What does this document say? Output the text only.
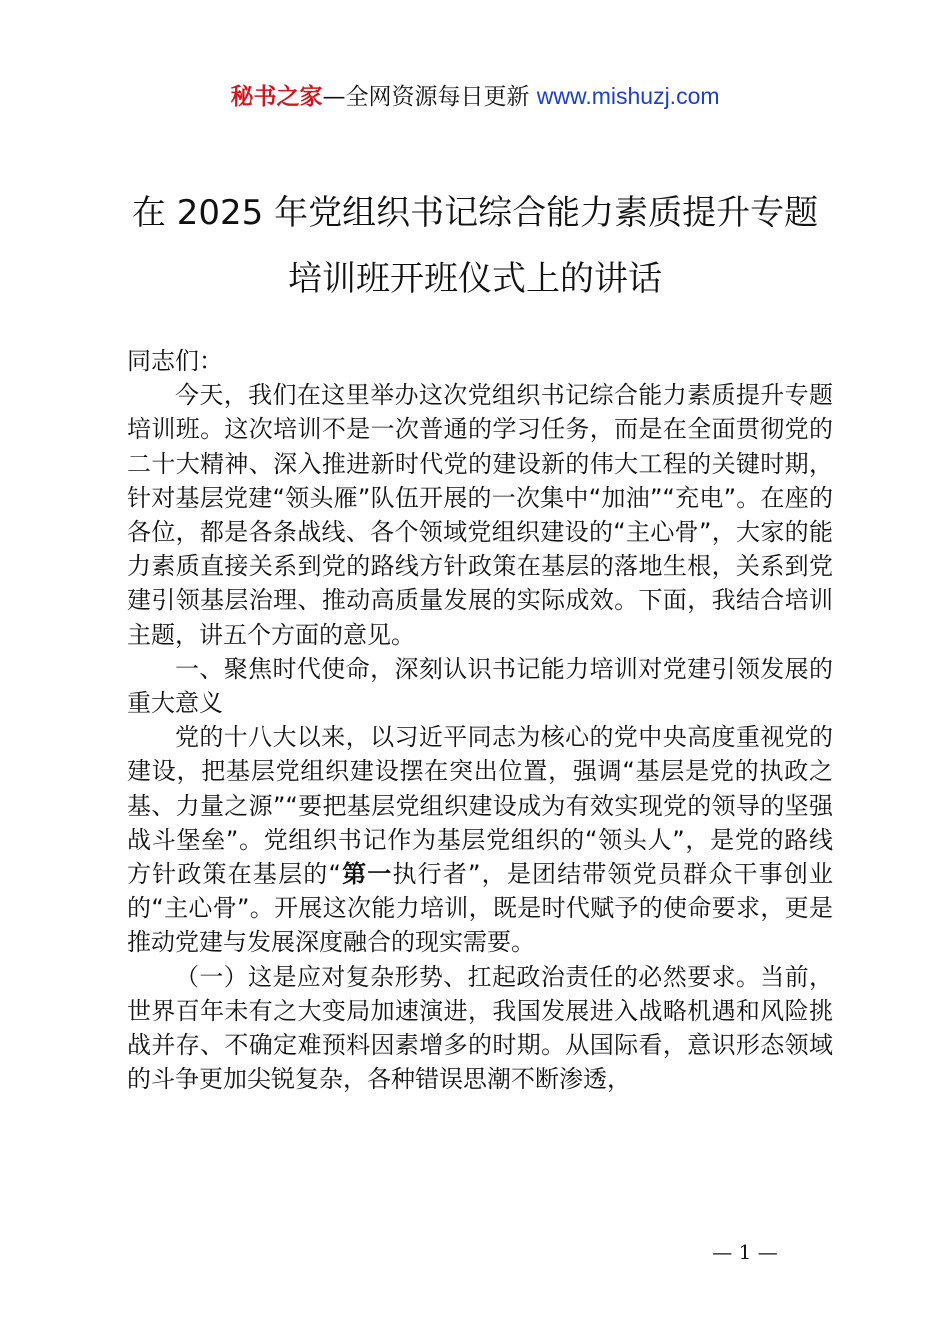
秘书之家—全网资源每日更新 www.mishuzj.com
在 2025 年党组织书记综合能力素质提升专题
培训班开班仪式上的讲话

同志们：

今天，我们在这里举办这次党组织书记综合能力素质提升专题培训班。这次培训不是一次普通的学习任务，而是在全面贯彻党的二十大精神、深入推进新时代党的建设新的伟大工程的关键时期，针对基层党建“领头雁”队伍开展的一次集中“加油”“充电”。在座的各位，都是各条战线、各个领域党组织建设的“主心骨”，大家的能力素质直接关系到党的路线方针政策在基层的落地生根，关系到党建引领基层治理、推动高质量发展的实际成效。下面，我结合培训主题，讲五个方面的意见。

一、聚焦时代使命，深刻认识书记能力培训对党建引领发展的重大意义

党的十八大以来，以习近平同志为核心的党中央高度重视党的建设，把基层党组织建设摆在突出位置，强调“基层是党的执政之基、力量之源”“要把基层党组织建设成为有效实现党的领导的坚强战斗堡垒”。党组织书记作为基层党组织的“领头人”，是党的路线方针政策在基层的“第一执行者”，是团结带领党员群众干事创业的“主心骨”。开展这次能力培训，既是时代赋予的使命要求，更是推动党建与发展深度融合的现实需要。

（一）这是应对复杂形势、扛起政治责任的必然要求。当前，世界百年未有之大变局加速演进，我国发展进入战略机遇和风险挑战并存、不确定难预料因素增多的时期。从国际看，意识形态领域的斗争更加尖锐复杂，各种错误思潮不断渗透，

— 1 —
